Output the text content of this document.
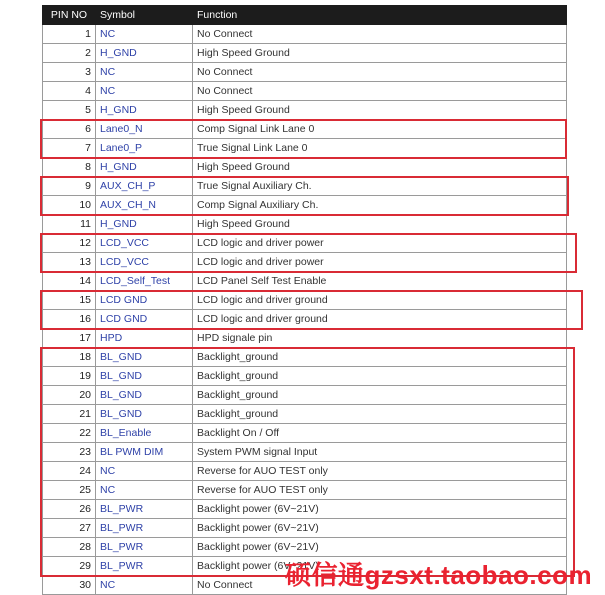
PIN NO	Symbol	Function
1	NC	No Connect
2	H_GND	High Speed Ground
3	NC	No Connect
4	NC	No Connect
5	H_GND	High Speed Ground
6	Lane0_N	Comp Signal Link Lane 0
7	Lane0_P	True Signal Link Lane 0
8	H_GND	High Speed Ground
9	AUX_CH_P	True Signal Auxiliary Ch.
10	AUX_CH_N	Comp Signal Auxiliary Ch.
11	H_GND	High Speed Ground
12	LCD_VCC	LCD logic and driver power
13	LCD_VCC	LCD logic and driver power
14	LCD_Self_Test	LCD Panel Self Test Enable
15	LCD GND	LCD logic and driver ground
16	LCD GND	LCD logic and driver ground
17	HPD	HPD signale pin
18	BL_GND	Backlight_ground
19	BL_GND	Backlight_ground
20	BL_GND	Backlight_ground
21	BL_GND	Backlight_ground
22	BL_Enable	Backlight On / Off
23	BL PWM DIM	System PWM signal Input
24	NC	Reverse for AUO TEST only
25	NC	Reverse for AUO TEST only
26	BL_PWR	Backlight power (6V~21V)
27	BL_PWR	Backlight power (6V~21V)
28	BL_PWR	Backlight power (6V~21V)
29	BL_PWR	Backlight power (6V~21V)
30	NC	No Connect 硕信通gzsxt.taobao.com
